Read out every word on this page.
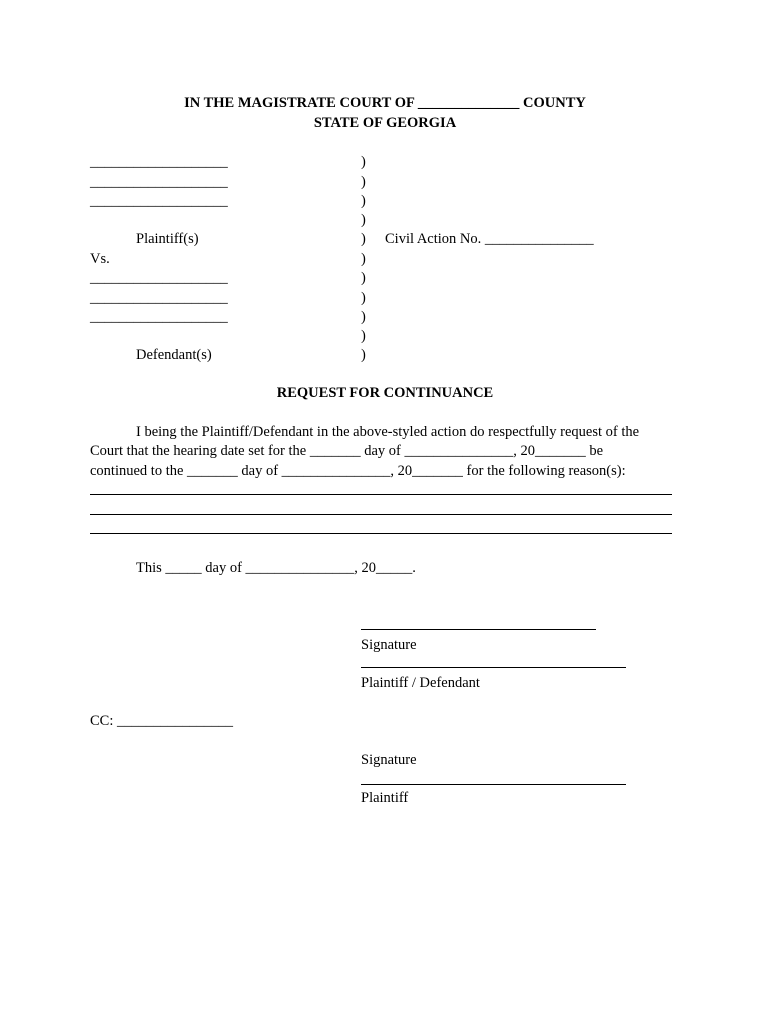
IN THE MAGISTRATE COURT OF ______________ COUNTY
STATE OF GEORGIA
___________________
___________________
___________________
Plaintiff(s)
Vs.
___________________
___________________
___________________
Defendant(s)
)
)
)
)
)
)
)
)
)
)
)
Civil Action No. _______________
REQUEST FOR CONTINUANCE
I being the Plaintiff/Defendant in the above-styled action do respectfully request of the
Court that the hearing date set for the _______ day of _______________, 20_______ be
continued to the _______ day of _______________, 20_______ for the following reason(s):
This _____ day of _______________, 20_____.
Signature
Plaintiff / Defendant
CC: ________________
Signature
Plaintiff
